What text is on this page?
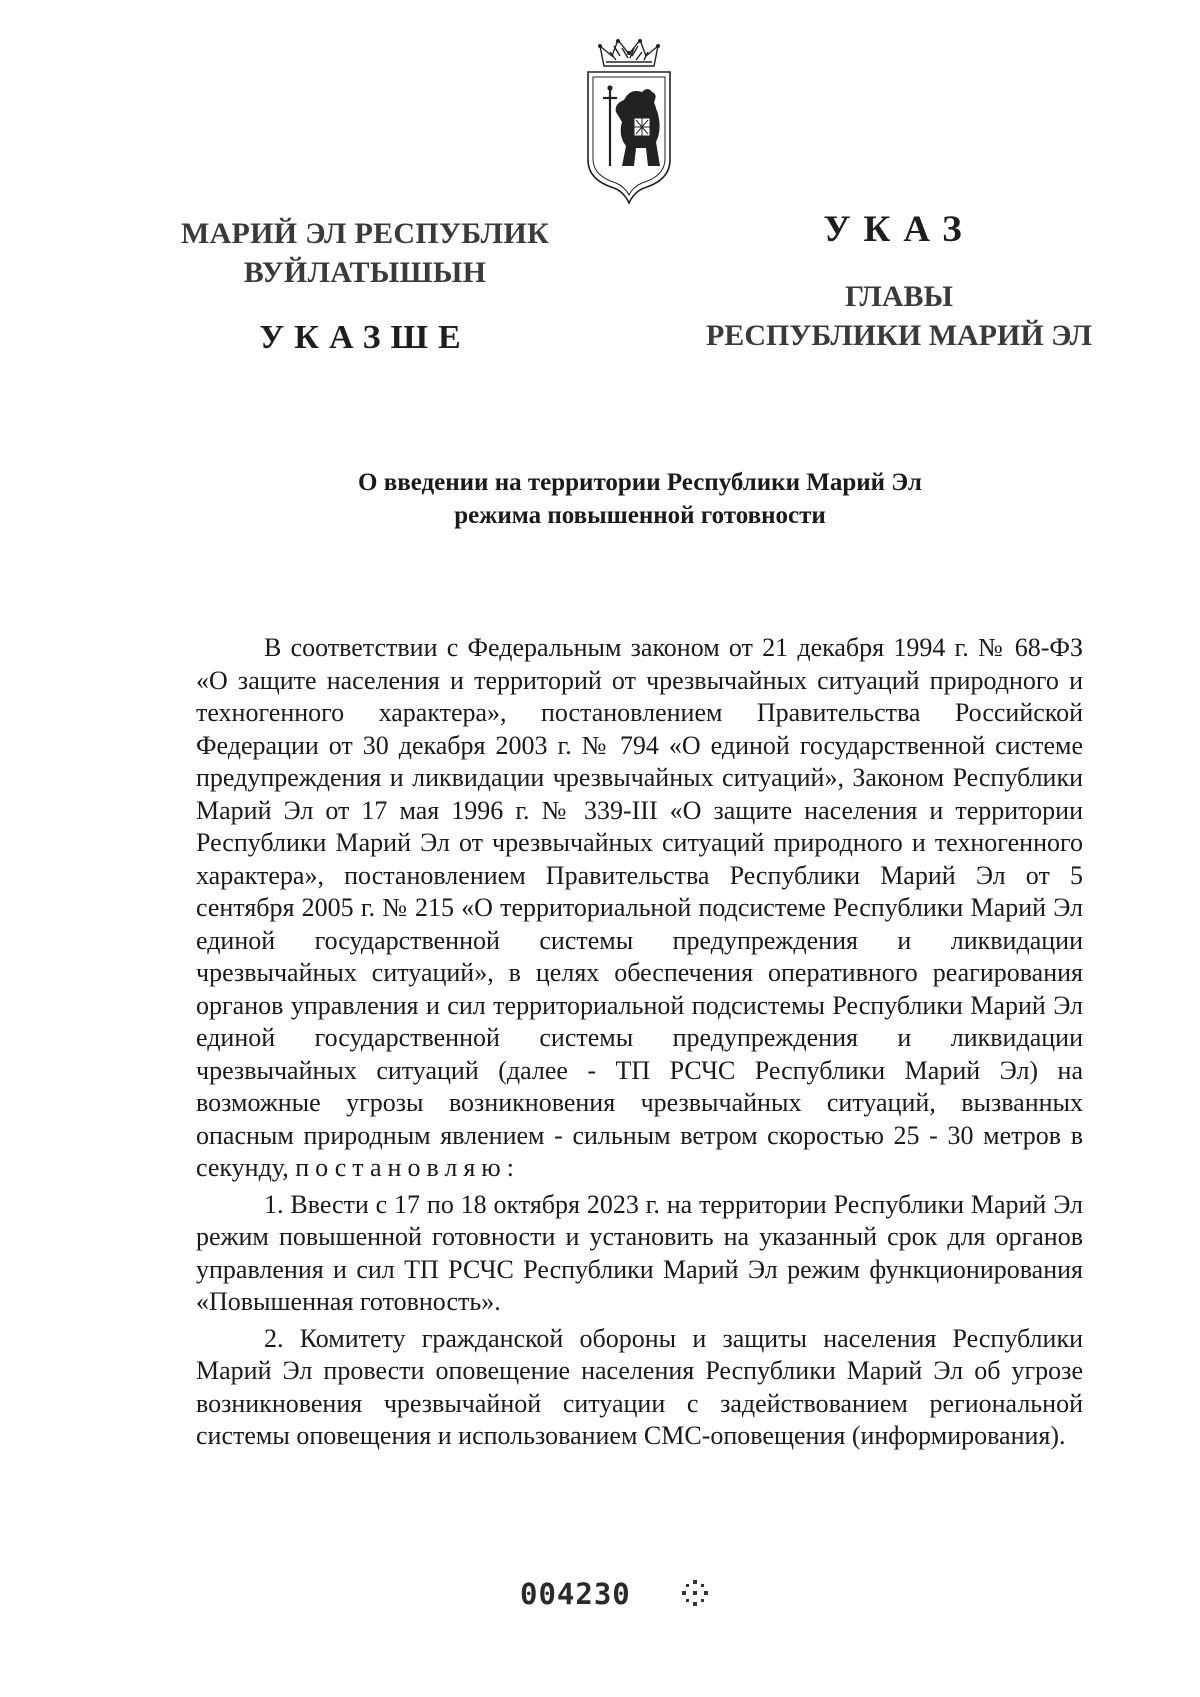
МАРИЙ ЭЛ РЕСПУБЛИК
ВУЙЛАТЫШЫН
УКАЗШЕ
УКАЗ
ГЛАВЫ
РЕСПУБЛИКИ МАРИЙ ЭЛ
О введении на территории Республики Марий Эл
режима повышенной готовности

В соответствии с Федеральным законом от 21 декабря 1994 г. № 68-ФЗ «О защите населения и территорий от чрезвычайных ситуаций природного и техногенного характера», постановлением Правительства Российской Федерации от 30 декабря 2003 г. № 794 «О единой государственной системе предупреждения и ликвидации чрезвычайных ситуаций», Законом Республики Марий Эл от 17 мая 1996 г. № 339-III «О защите населения и территории Республики Марий Эл от чрезвычайных ситуаций природного и техногенного характера», постановлением Правительства Республики Марий Эл от 5 сентября 2005 г. № 215 «О территориальной подсистеме Республики Марий Эл единой государственной системы предупреждения и ликвидации чрезвычайных ситуаций», в целях обеспечения оперативного реагирования органов управления и сил территориальной подсистемы Республики Марий Эл единой государственной системы предупреждения и ликвидации чрезвычайных ситуаций (далее - ТП РСЧС Республики Марий Эл) на возможные угрозы возникновения чрезвычайных ситуаций, вызванных опасным природным явлением - сильным ветром скоростью 25 - 30 метров в секунду, постановляю:

1. Ввести с 17 по 18 октября 2023 г. на территории Республики Марий Эл режим повышенной готовности и установить на указанный срок для органов управления и сил ТП РСЧС Республики Марий Эл режим функционирования «Повышенная готовность».

2. Комитету гражданской обороны и защиты населения Республики Марий Эл провести оповещение населения Республики Марий Эл об угрозе возникновения чрезвычайной ситуации с задействованием региональной системы оповещения и использованием СМС-оповещения (информирования).

004230
